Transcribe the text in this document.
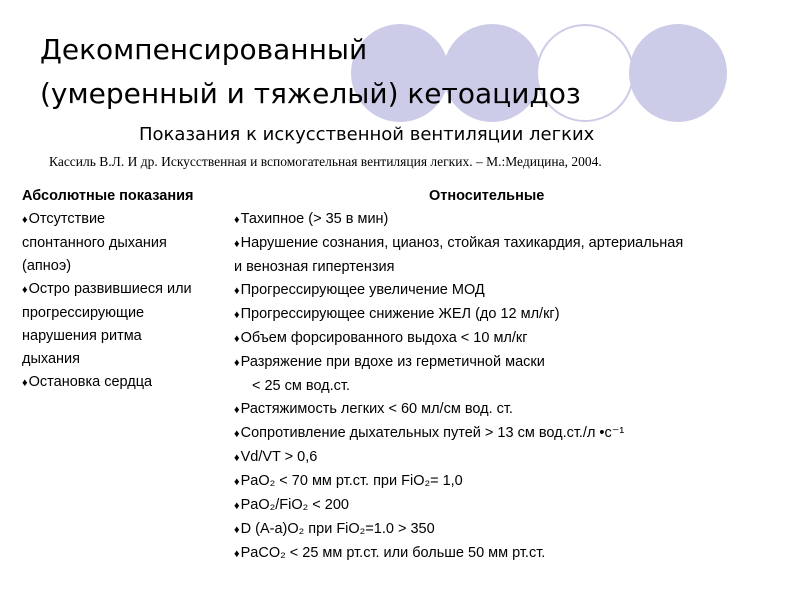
Декомпенсированный
(умеренный и тяжелый) кетоацидоз
Показания к искусственной вентиляции легких
Кассиль В.Л. И др. Искусственная и вспомогательная вентиляция легких. – М.:Медицина, 2004.

Абсолютные показания

♦Отсутствие
спонтанного дыхания
(апноэ)
♦Остро развившиеся или
прогрессирующие
нарушения ритма
дыхания
♦Остановка сердца

Относительные

♦Тахипное (> 35 в мин)
♦Нарушение сознания, цианоз, стойкая тахикардия, артериальная
и венозная гипертензия
♦Прогрессирующее увеличение МОД
♦Прогрессирующее снижение ЖЕЛ (до 12 мл/кг)
♦Объем форсированного выдоха < 10 мл/кг
♦Разряжение при вдохе из герметичной маски
< 25 см вод.ст.
♦Растяжимость легких < 60 мл/см вод. ст.
♦Сопротивление дыхательных путей > 13 см вод.ст./л •c⁻¹
♦Vd/VT > 0,6
♦PaO₂ < 70 мм рт.ст. при FiO₂= 1,0
♦PaO₂/FiO₂ < 200
♦D (A-a)O₂ при FiO₂=1.0 > 350
♦PaCO₂ < 25 мм рт.ст. или больше 50 мм рт.ст.
